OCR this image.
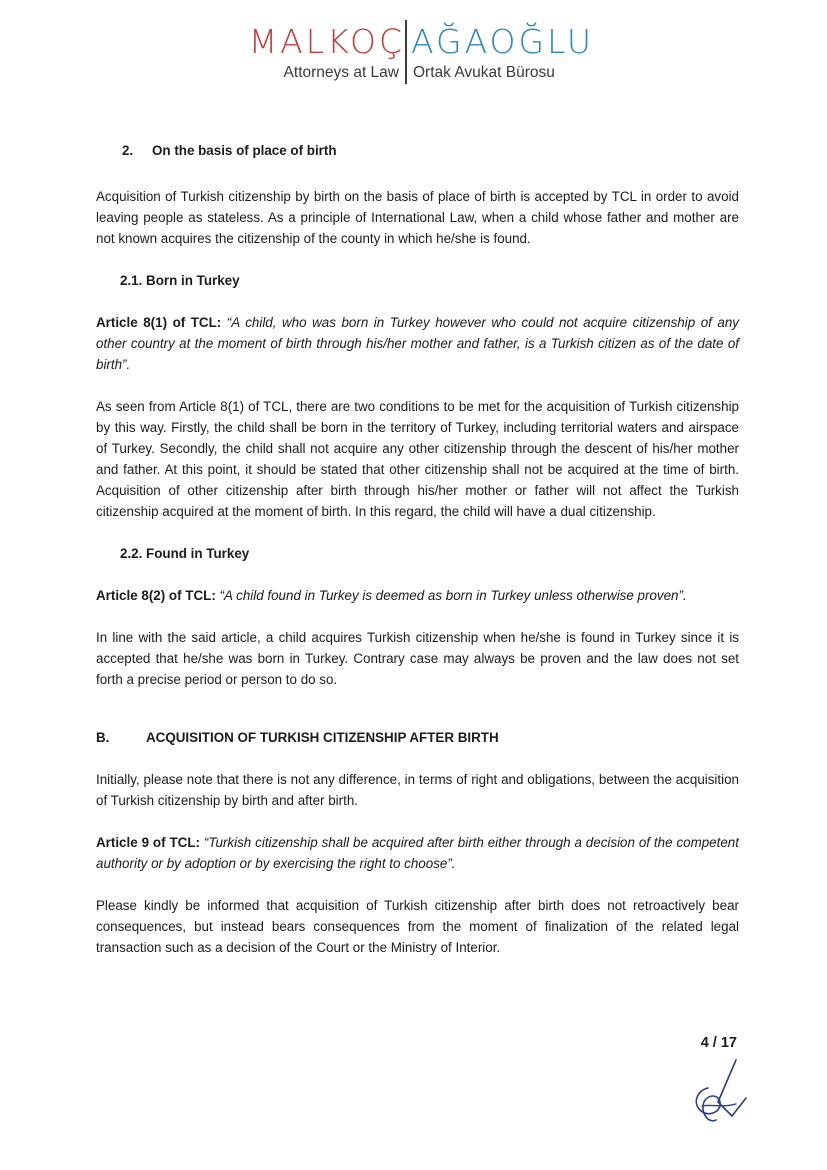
MALKOÇ AĞAOĞLU
Attorneys at Law Ortak Avukat Bürosu
2. On the basis of place of birth

Acquisition of Turkish citizenship by birth on the basis of place of birth is accepted by TCL in order to avoid leaving people as stateless. As a principle of International Law, when a child whose father and mother are not known acquires the citizenship of the county in which he/she is found.

2.1. Born in Turkey

Article 8(1) of TCL: “A child, who was born in Turkey however who could not acquire citizenship of any other country at the moment of birth through his/her mother and father, is a Turkish citizen as of the date of birth”.

As seen from Article 8(1) of TCL, there are two conditions to be met for the acquisition of Turkish citizenship by this way. Firstly, the child shall be born in the territory of Turkey, including territorial waters and airspace of Turkey. Secondly, the child shall not acquire any other citizenship through the descent of his/her mother and father. At this point, it should be stated that other citizenship shall not be acquired at the time of birth. Acquisition of other citizenship after birth through his/her mother or father will not affect the Turkish citizenship acquired at the moment of birth. In this regard, the child will have a dual citizenship.

2.2. Found in Turkey

Article 8(2) of TCL: “A child found in Turkey is deemed as born in Turkey unless otherwise proven”.

In line with the said article, a child acquires Turkish citizenship when he/she is found in Turkey since it is accepted that he/she was born in Turkey. Contrary case may always be proven and the law does not set forth a precise period or person to do so.

B.	ACQUISITION OF TURKISH CITIZENSHIP AFTER BIRTH

Initially, please note that there is not any difference, in terms of right and obligations, between the acquisition of Turkish citizenship by birth and after birth.

Article 9 of TCL: “Turkish citizenship shall be acquired after birth either through a decision of the competent authority or by adoption or by exercising the right to choose”.

Please kindly be informed that acquisition of Turkish citizenship after birth does not retroactively bear consequences, but instead bears consequences from the moment of finalization of the related legal transaction such as a decision of the Court or the Ministry of Interior.

4 / 17
